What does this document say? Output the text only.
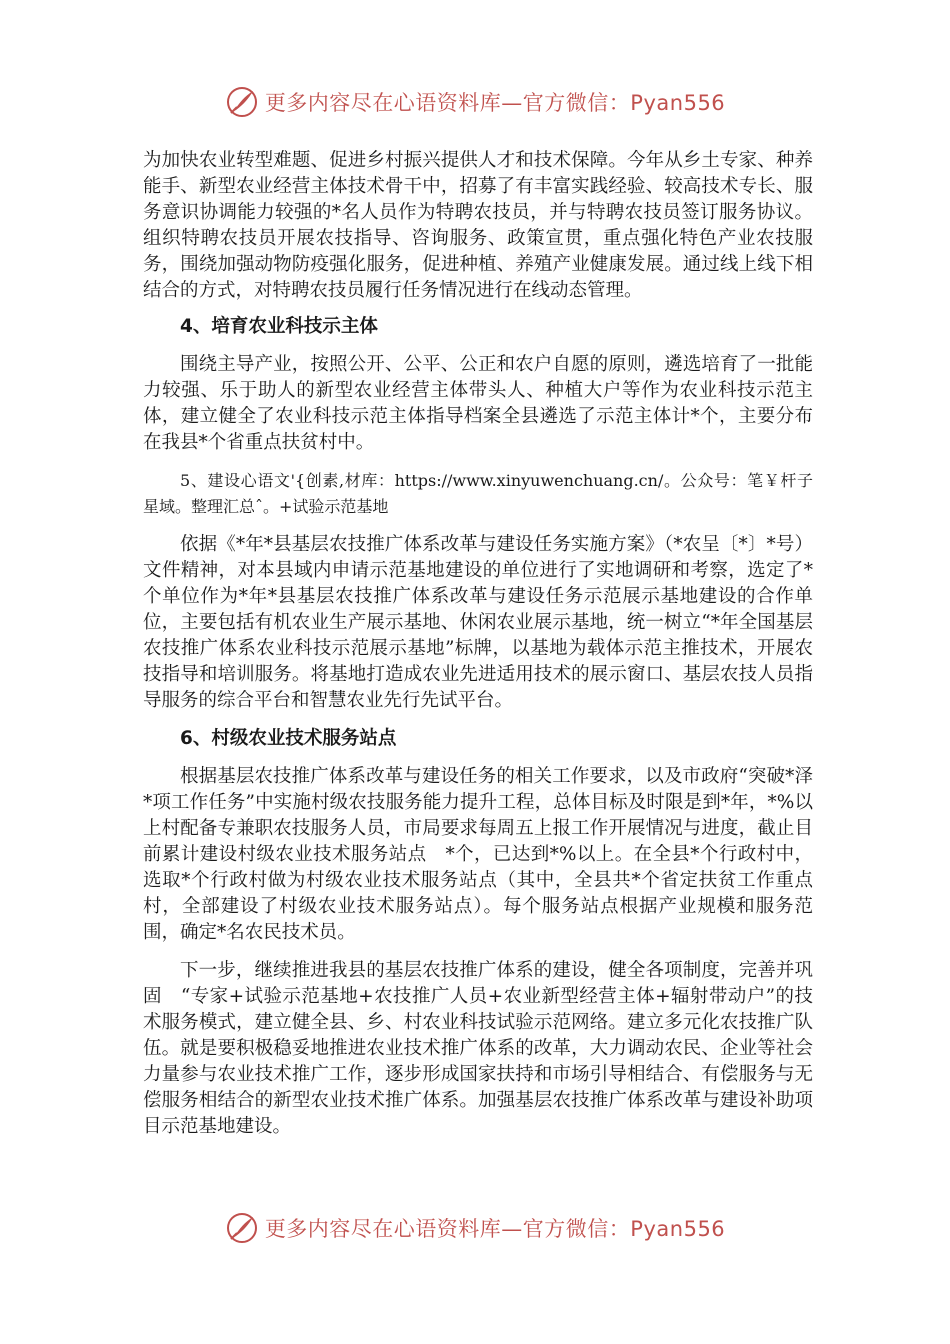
更多内容尽在心语资料库—官方微信：Pyan556

为加快农业转型难题、促进乡村振兴提供人才和技术保障。今年从乡土专家、种养能手、新型农业经营主体技术骨干中，招募了有丰富实践经验、较高技术专长、服务意识协调能力较强的*名人员作为特聘农技员，并与特聘农技员签订服务协议。组织特聘农技员开展农技指导、咨询服务、政策宣贯，重点强化特色产业农技服务，围绕加强动物防疫强化服务，促进种植、养殖产业健康发展。通过线上线下相结合的方式，对特聘农技员履行任务情况进行在线动态管理。

4、培育农业科技示主体

围绕主导产业，按照公开、公平、公正和农户自愿的原则，遴选培育了一批能力较强、乐于助人的新型农业经营主体带头人、种植大户等作为农业科技示范主体，建立健全了农业科技示范主体指导档案全县遴选了示范主体计*个，主要分布在我县*个省重点扶贫村中。

5、建设心语文'{创素,材库：https://www.xinyuwenchuang.cn/。公众号：笔￥杆子星域。整理汇总ˆ。+试验示范基地

依据《*年*县基层农技推广体系改革与建设任务实施方案》（*农呈〔*〕*号）文件精神，对本县域内申请示范基地建设的单位进行了实地调研和考察，选定了*个单位作为*年*县基层农技推广体系改革与建设任务示范展示基地建设的合作单位，主要包括有机农业生产展示基地、休闲农业展示基地，统一树立“*年全国基层农技推广体系农业科技示范展示基地”标牌，以基地为载体示范主推技术，开展农技指导和培训服务。将基地打造成农业先进适用技术的展示窗口、基层农技人员指导服务的综合平台和智慧农业先行先试平台。

6、村级农业技术服务站点

根据基层农技推广体系改革与建设任务的相关工作要求，以及市政府“突破*泽*项工作任务”中实施村级农技服务能力提升工程，总体目标及时限是到*年，*%以上村配备专兼职农技服务人员，市局要求每周五上报工作开展情况与进度，截止目前累计建设村级农业技术服务站点　*个，已达到*%以上。在全县*个行政村中，选取*个行政村做为村级农业技术服务站点（其中，全县共*个省定扶贫工作重点村，全部建设了村级农业技术服务站点）。每个服务站点根据产业规模和服务范围，确定*名农民技术员。

下一步，继续推进我县的基层农技推广体系的建设，健全各项制度，完善并巩固　“专家+试验示范基地+农技推广人员+农业新型经营主体+辐射带动户”的技术服务模式，建立健全县、乡、村农业科技试验示范网络。建立多元化农技推广队伍。就是要积极稳妥地推进农业技术推广体系的改革，大力调动农民、企业等社会力量参与农业技术推广工作，逐步形成国家扶持和市场引导相结合、有偿服务与无偿服务相结合的新型农业技术推广体系。加强基层农技推广体系改革与建设补助项目示范基地建设。

更多内容尽在心语资料库—官方微信：Pyan556
